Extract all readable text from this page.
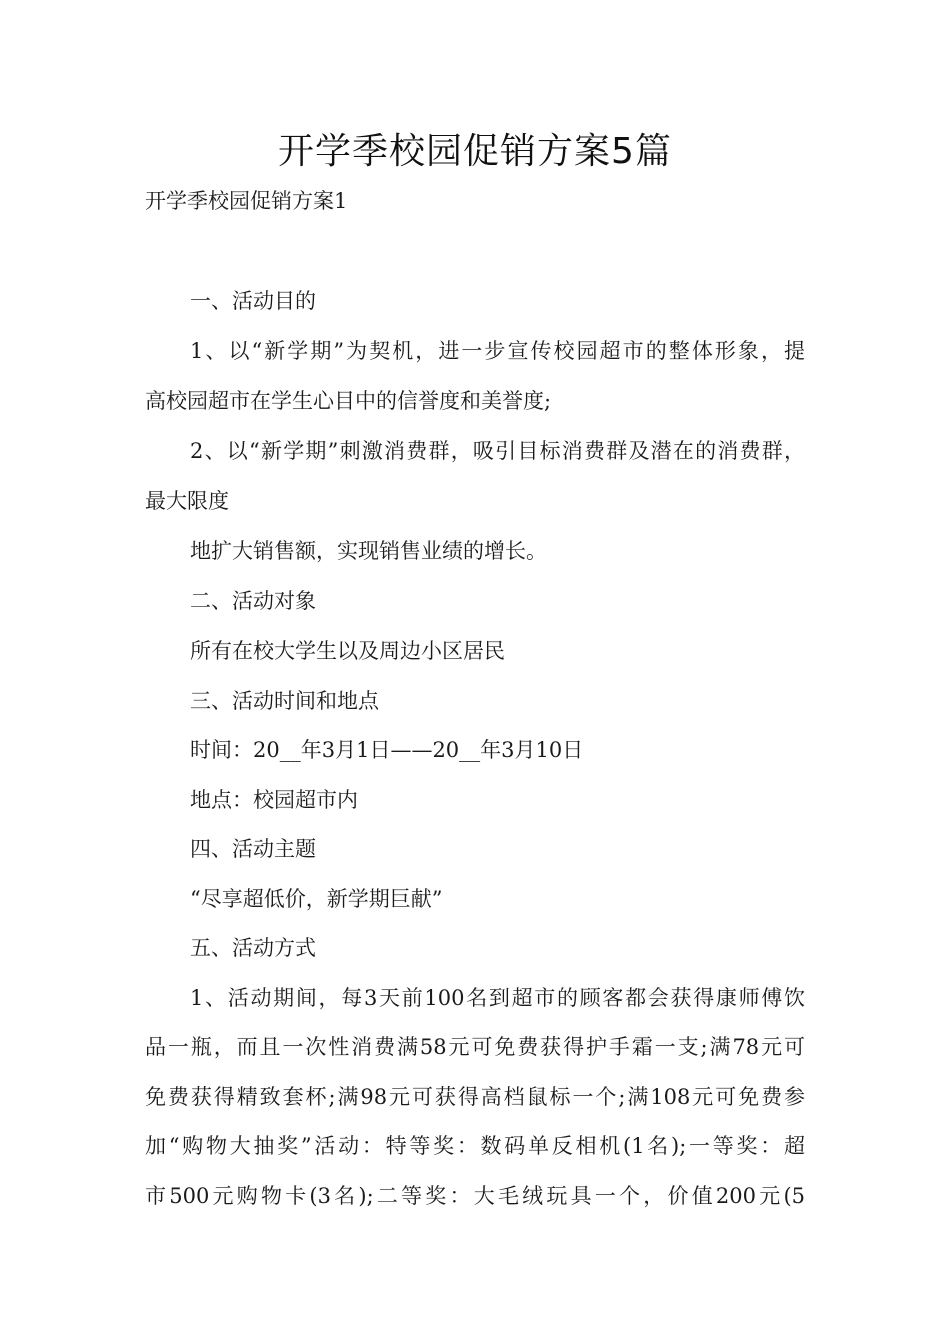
开学季校园促销方案5篇

开学季校园促销方案1

一、活动目的

1、以“新学期”为契机，进一步宣传校园超市的整体形象，提

高校园超市在学生心目中的信誉度和美誉度;

2、以“新学期”刺激消费群，吸引目标消费群及潜在的消费群，

最大限度

地扩大销售额，实现销售业绩的增长。

二、活动对象

所有在校大学生以及周边小区居民

三、活动时间和地点

时间：20__年3月1日——20__年3月10日

地点：校园超市内

四、活动主题

“尽享超低价，新学期巨献”

五、活动方式

1、活动期间，每3天前100名到超市的顾客都会获得康师傅饮

品一瓶，而且一次性消费满58元可免费获得护手霜一支;满78元可

免费获得精致套杯;满98元可获得高档鼠标一个;满108元可免费参

加“购物大抽奖”活动：特等奖：数码单反相机(1名);一等奖：超

市500元购物卡(3名);二等奖：大毛绒玩具一个，价值200元(5
